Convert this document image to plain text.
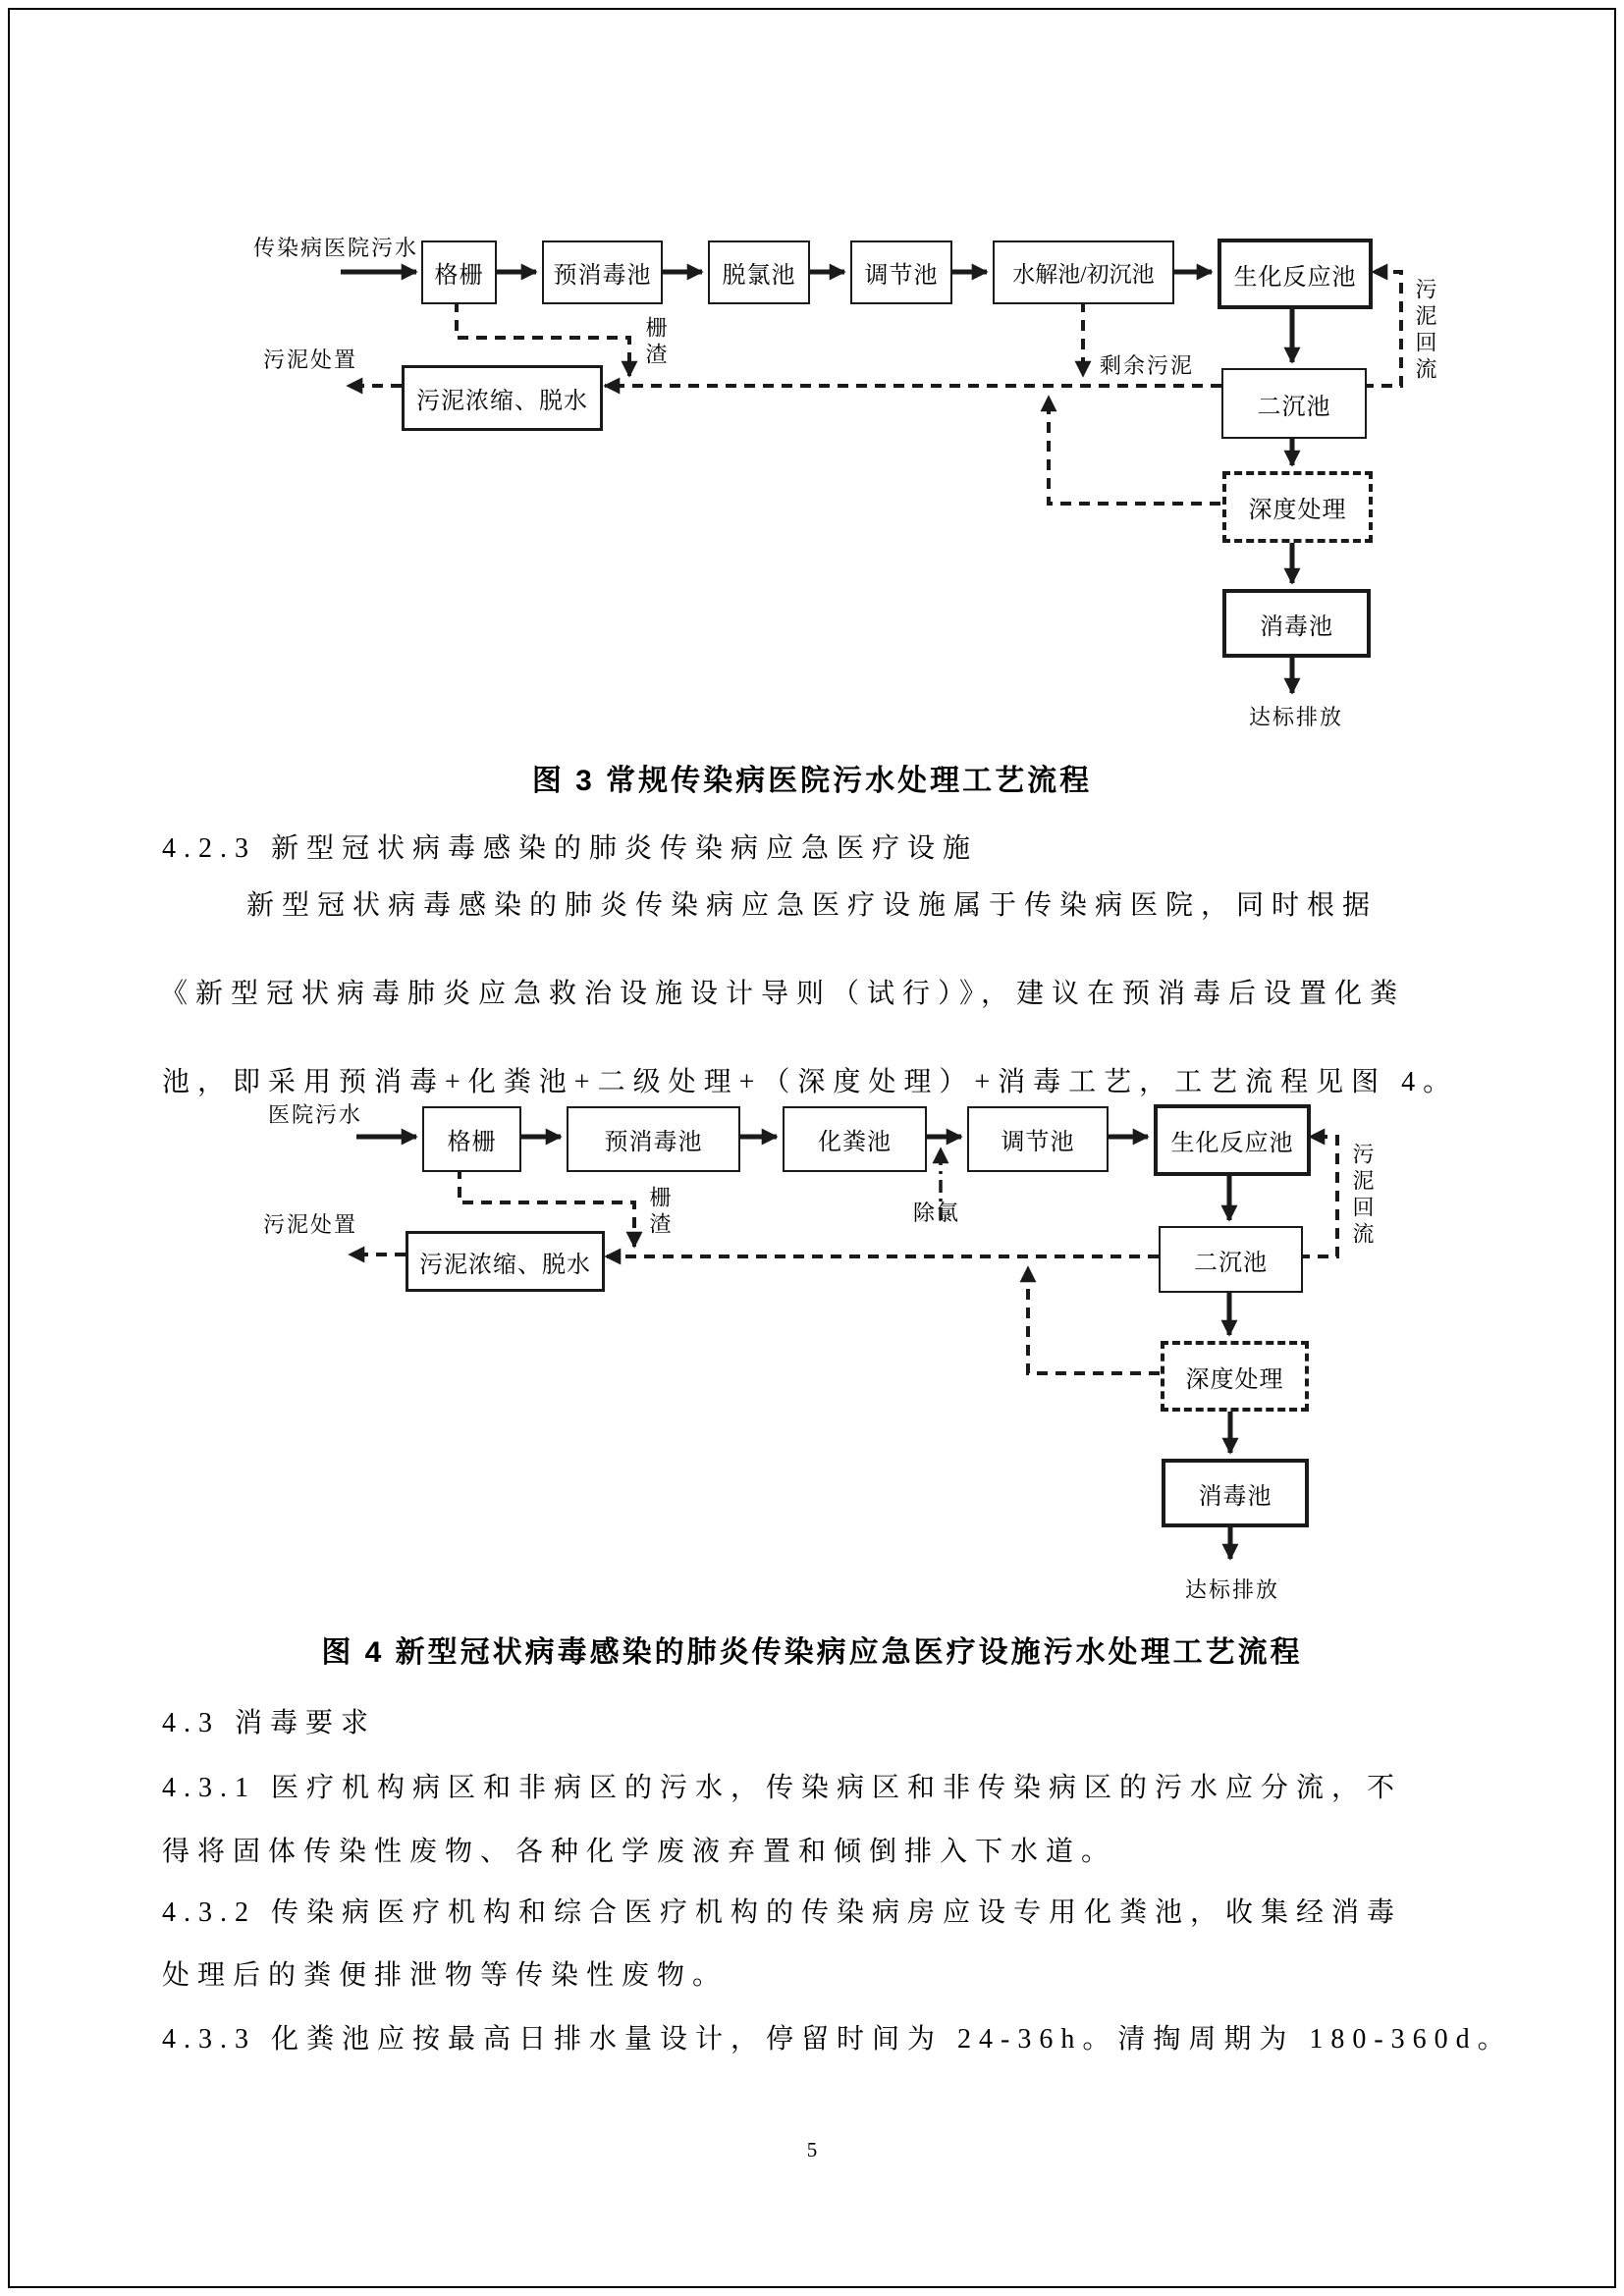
传染病医院污水
格栅	预消毒池	脱氯池	调节池	水解池/初沉池	生化反应池
二沉池
深度处理
消毒池
污泥浓缩、脱水
污泥处置	栅渣	剩余污泥	污泥回流
达标排放
图 3 常规传染病医院污水处理工艺流程
4.2.3 新型冠状病毒感染的肺炎传染病应急医疗设施
新型冠状病毒感染的肺炎传染病应急医疗设施属于传染病医院，同时根据
《新型冠状病毒肺炎应急救治设施设计导则（试行）》，建议在预消毒后设置化粪
池，即采用预消毒+化粪池+二级处理+（深度处理）+消毒工艺，工艺流程见图 4。
医院污水
格栅	预消毒池	化粪池	调节池	生化反应池
二沉池
深度处理
消毒池
污泥浓缩、脱水
污泥处置	栅渣	除氯	污泥回流
达标排放
图 4 新型冠状病毒感染的肺炎传染病应急医疗设施污水处理工艺流程
4.3 消毒要求
4.3.1 医疗机构病区和非病区的污水，传染病区和非传染病区的污水应分流，不
得将固体传染性废物、各种化学废液弃置和倾倒排入下水道。
4.3.2 传染病医疗机构和综合医疗机构的传染病房应设专用化粪池，收集经消毒
处理后的粪便排泄物等传染性废物。
4.3.3 化粪池应按最高日排水量设计，停留时间为 24-36h。清掏周期为 180-360d。
5
